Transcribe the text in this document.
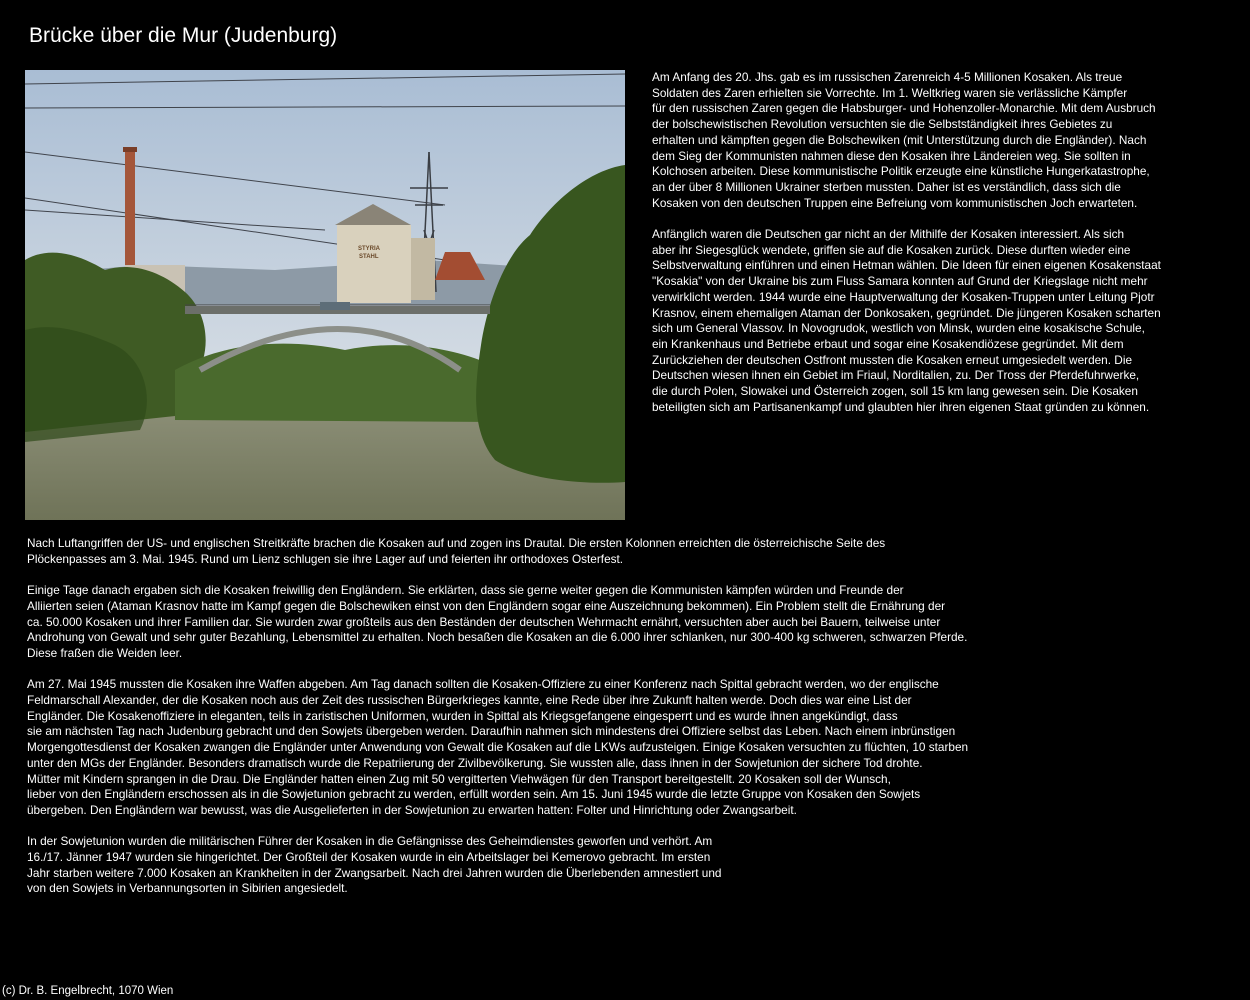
Brücke über die Mur (Judenburg)
STYRIA
STAHL

Am Anfang des 20. Jhs. gab es im russischen Zarenreich 4-5 Millionen Kosaken. Als treue
Soldaten des Zaren erhielten sie Vorrechte. Im 1. Weltkrieg waren sie verlässliche Kämpfer
für den russischen Zaren gegen die Habsburger- und Hohenzoller-Monarchie. Mit dem Ausbruch
der bolschewistischen Revolution versuchten sie die Selbstständigkeit ihres Gebietes zu
erhalten und kämpften gegen die Bolschewiken (mit Unterstützung durch die Engländer). Nach
dem Sieg der Kommunisten nahmen diese den Kosaken ihre Ländereien weg. Sie sollten in
Kolchosen arbeiten. Diese kommunistische Politik erzeugte eine künstliche Hungerkatastrophe,
an der über 8 Millionen Ukrainer sterben mussten. Daher ist es verständlich, dass sich die
Kosaken von den deutschen Truppen eine Befreiung vom kommunistischen Joch erwarteten.

Anfänglich waren die Deutschen gar nicht an der Mithilfe der Kosaken interessiert. Als sich
aber ihr Siegesglück wendete, griffen sie auf die Kosaken zurück. Diese durften wieder eine
Selbstverwaltung einführen und einen Hetman wählen. Die Ideen für einen eigenen Kosakenstaat
"Kosakia" von der Ukraine bis zum Fluss Samara konnten auf Grund der Kriegslage nicht mehr
verwirklicht werden. 1944 wurde eine Hauptverwaltung der Kosaken-Truppen unter Leitung Pjotr
Krasnov, einem ehemaligen Ataman der Donkosaken, gegründet. Die jüngeren Kosaken scharten
sich um General Vlassov. In Novogrudok, westlich von Minsk, wurden eine kosakische Schule,
ein Krankenhaus und Betriebe erbaut und sogar eine Kosakendiözese gegründet. Mit dem
Zurückziehen der deutschen Ostfront mussten die Kosaken erneut umgesiedelt werden. Die
Deutschen wiesen ihnen ein Gebiet im Friaul, Norditalien, zu. Der Tross der Pferdefuhrwerke,
die durch Polen, Slowakei und Österreich zogen, soll 15 km lang gewesen sein. Die Kosaken
beteiligten sich am Partisanenkampf und glaubten hier ihren eigenen Staat gründen zu können.

Nach Luftangriffen der US- und englischen Streitkräfte brachen die Kosaken auf und zogen ins Drautal. Die ersten Kolonnen erreichten die österreichische Seite des
Plöckenpasses am 3. Mai. 1945. Rund um Lienz schlugen sie ihre Lager auf und feierten ihr orthodoxes Osterfest.

Einige Tage danach ergaben sich die Kosaken freiwillig den Engländern. Sie erklärten, dass sie gerne weiter gegen die Kommunisten kämpfen würden und Freunde der
Alliierten seien (Ataman Krasnov hatte im Kampf gegen die Bolschewiken einst von den Engländern sogar eine Auszeichnung bekommen). Ein Problem stellt die Ernährung der
ca. 50.000 Kosaken und ihrer Familien dar. Sie wurden zwar großteils aus den Beständen der deutschen Wehrmacht ernährt, versuchten aber auch bei Bauern, teilweise unter
Androhung von Gewalt und sehr guter Bezahlung, Lebensmittel zu erhalten. Noch besaßen die Kosaken an die 6.000 ihrer schlanken, nur 300-400 kg schweren, schwarzen Pferde.
Diese fraßen die Weiden leer.

Am 27. Mai 1945 mussten die Kosaken ihre Waffen abgeben. Am Tag danach sollten die Kosaken-Offiziere zu einer Konferenz nach Spittal gebracht werden, wo der englische
Feldmarschall Alexander, der die Kosaken noch aus der Zeit des russischen Bürgerkrieges kannte, eine Rede über ihre Zukunft halten werde. Doch dies war eine List der
Engländer. Die Kosakenoffiziere in eleganten, teils in zaristischen Uniformen, wurden in Spittal als Kriegsgefangene eingesperrt und es wurde ihnen angekündigt, dass
sie am nächsten Tag nach Judenburg gebracht und den Sowjets übergeben werden. Daraufhin nahmen sich mindestens drei Offiziere selbst das Leben. Nach einem inbrünstigen
Morgengottesdienst der Kosaken zwangen die Engländer unter Anwendung von Gewalt die Kosaken auf die LKWs aufzusteigen. Einige Kosaken versuchten zu flüchten, 10 starben
unter den MGs der Engländer. Besonders dramatisch wurde die Repatriierung der Zivilbevölkerung. Sie wussten alle, dass ihnen in der Sowjetunion der sichere Tod drohte.
Mütter mit Kindern sprangen in die Drau. Die Engländer hatten einen Zug mit 50 vergitterten Viehwägen für den Transport bereitgestellt. 20 Kosaken soll der Wunsch,
lieber von den Engländern erschossen als in die Sowjetunion gebracht zu werden, erfüllt worden sein. Am 15. Juni 1945 wurde die letzte Gruppe von Kosaken den Sowjets
übergeben. Den Engländern war bewusst, was die Ausgelieferten in der Sowjetunion zu erwarten hatten: Folter und Hinrichtung oder Zwangsarbeit.

In der Sowjetunion wurden die militärischen Führer der Kosaken in die Gefängnisse des Geheimdienstes geworfen und verhört. Am
16./17. Jänner 1947 wurden sie hingerichtet. Der Großteil der Kosaken wurde in ein Arbeitslager bei Kemerovo gebracht. Im ersten
Jahr starben weitere 7.000 Kosaken an Krankheiten in der Zwangsarbeit. Nach drei Jahren wurden die Überlebenden amnestiert und
von den Sowjets in Verbannungsorten in Sibirien angesiedelt.

(c) Dr. B. Engelbrecht, 1070 Wien
